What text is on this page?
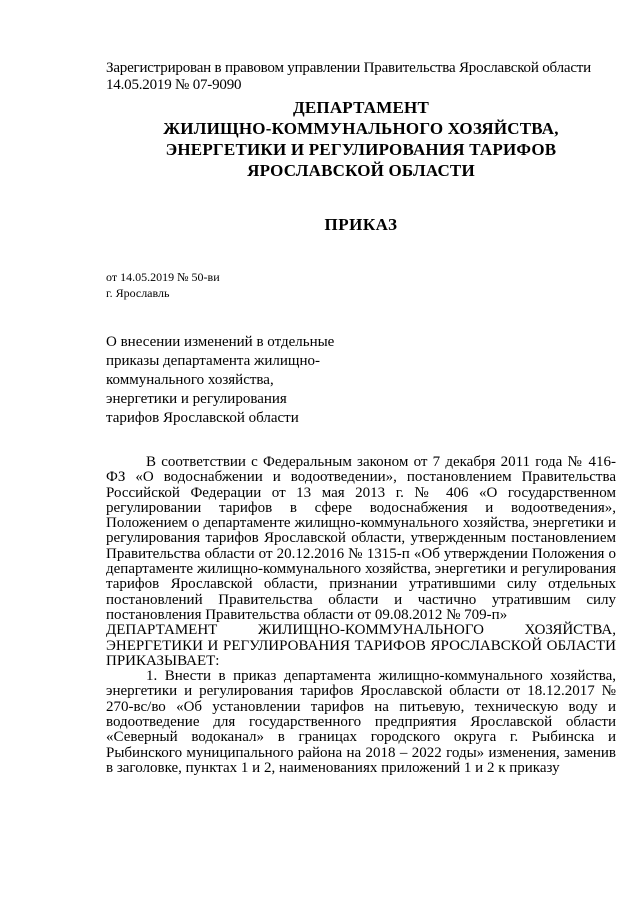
Зарегистрирован в правовом управлении Правительства Ярославской области
14.05.2019 № 07-9090
ДЕПАРТАМЕНТ
ЖИЛИЩНО-КОММУНАЛЬНОГО ХОЗЯЙСТВА,
ЭНЕРГЕТИКИ И РЕГУЛИРОВАНИЯ ТАРИФОВ
ЯРОСЛАВСКОЙ ОБЛАСТИ
ПРИКАЗ
от 14.05.2019 № 50-ви
г. Ярославль
О внесении изменений в отдельные
приказы департамента жилищно-
коммунального хозяйства,
энергетики и регулирования
тарифов Ярославской области

В соответствии с Федеральным законом от 7 декабря 2011 года № 416-ФЗ «О водоснабжении и водоотведении», постановлением Правительства Российской Федерации от 13 мая 2013 г. № 406 «О государственном регулировании тарифов в сфере водоснабжения и водоотведения», Положением о департаменте жилищно-коммунального хозяйства, энергетики и регулирования тарифов Ярославской области, утвержденным постановлением Правительства области от 20.12.2016 № 1315-п «Об утверждении Положения о департаменте жилищно-коммунального хозяйства, энергетики и регулирования тарифов Ярославской области, признании утратившими силу отдельных постановлений Правительства области и частично утратившим силу постановления Правительства области от 09.08.2012 № 709-п»

ДЕПАРТАМЕНТ ЖИЛИЩНО-КОММУНАЛЬНОГО ХОЗЯЙСТВА, ЭНЕРГЕТИКИ И РЕГУЛИРОВАНИЯ ТАРИФОВ ЯРОСЛАВСКОЙ ОБЛАСТИ ПРИКАЗЫВАЕТ:

1. Внести в приказ департамента жилищно-коммунального хозяйства, энергетики и регулирования тарифов Ярославской области от 18.12.2017 № 270-вс/во «Об установлении тарифов на питьевую, техническую воду и водоотведение для государственного предприятия Ярославской области «Северный водоканал» в границах городского округа г. Рыбинска и Рыбинского муниципального района на 2018 – 2022 годы» изменения, заменив в заголовке, пунктах 1 и 2, наименованиях приложений 1 и 2 к приказу
